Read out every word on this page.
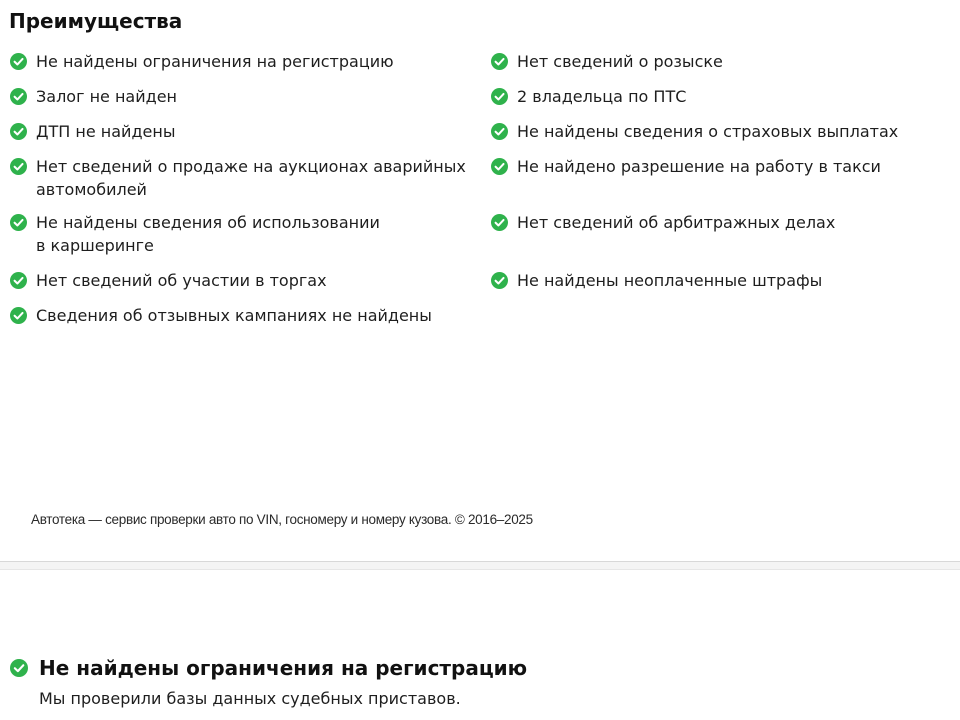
Преимущества
Не найдены ограничения на регистрацию
Залог не найден
ДТП не найдены
Нет сведений о продаже на аукционах аварийных
автомобилей
Не найдены сведения об использовании
в каршеринге
Нет сведений об участии в торгах
Сведения об отзывных кампаниях не найдены
Нет сведений о розыске
2 владельца по ПТС
Не найдены сведения о страховых выплатах
Не найдено разрешение на работу в такси
Нет сведений об арбитражных делах
Не найдены неоплаченные штрафы
Автотека — сервис проверки авто по VIN, госномеру и номеру кузова. © 2016–2025
Не найдены ограничения на регистрацию

Мы проверили базы данных судебных приставов.
